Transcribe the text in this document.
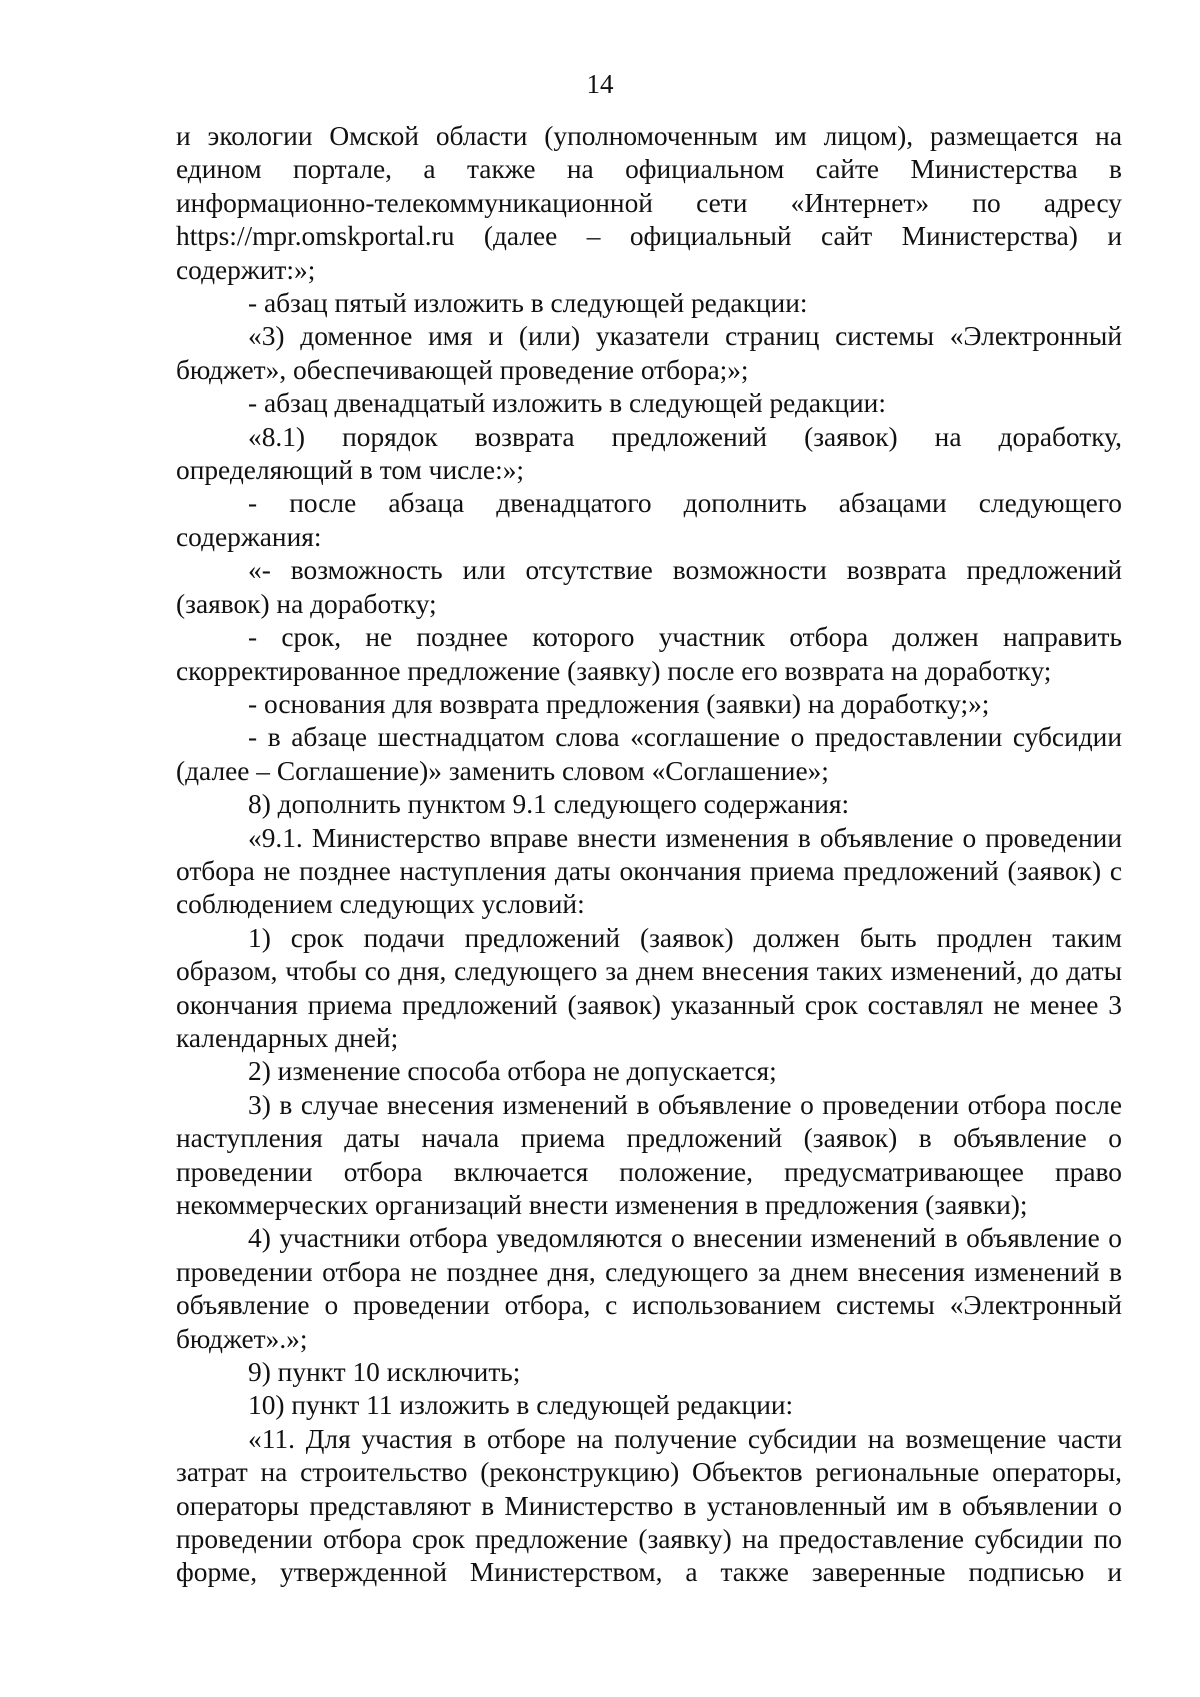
14

и экологии Омской области (уполномоченным им лицом), размещается на едином портале, а также на официальном сайте Министерства в информационно-телекоммуникационной сети «Интернет» по адресу https://mpr.omskportal.ru (далее – официальный сайт Министерства) и содержит:»;

- абзац пятый изложить в следующей редакции:

«3) доменное имя и (или) указатели страниц системы «Электронный бюджет», обеспечивающей проведение отбора;»;

- абзац двенадцатый изложить в следующей редакции:

«8.1) порядок возврата предложений (заявок) на доработку, определяющий в том числе:»;

- после абзаца двенадцатого дополнить абзацами следующего содержания:

«- возможность или отсутствие возможности возврата предложений (заявок) на доработку;

- срок, не позднее которого участник отбора должен направить скорректированное предложение (заявку) после его возврата на доработку;

- основания для возврата предложения (заявки) на доработку;»;

- в абзаце шестнадцатом слова «соглашение о предоставлении субсидии (далее – Соглашение)» заменить словом «Соглашение»;

8) дополнить пунктом 9.1 следующего содержания:

«9.1. Министерство вправе внести изменения в объявление о проведении отбора не позднее наступления даты окончания приема предложений (заявок) с соблюдением следующих условий:

1) срок подачи предложений (заявок) должен быть продлен таким образом, чтобы со дня, следующего за днем внесения таких изменений, до даты окончания приема предложений (заявок) указанный срок составлял не менее 3 календарных дней;

2) изменение способа отбора не допускается;

3) в случае внесения изменений в объявление о проведении отбора после наступления даты начала приема предложений (заявок) в объявление о проведении отбора включается положение, предусматривающее право некоммерческих организаций внести изменения в предложения (заявки);

4) участники отбора уведомляются о внесении изменений в объявление о проведении отбора не позднее дня, следующего за днем внесения изменений в объявление о проведении отбора, с использованием системы «Электронный бюджет».»;

9) пункт 10 исключить;

10) пункт 11 изложить в следующей редакции:

«11. Для участия в отборе на получение субсидии на возмещение части затрат на строительство (реконструкцию) Объектов региональные операторы, операторы представляют в Министерство в установленный им в объявлении о проведении отбора срок предложение (заявку) на предоставление субсидии по форме, утвержденной Министерством, а также заверенные подписью и
